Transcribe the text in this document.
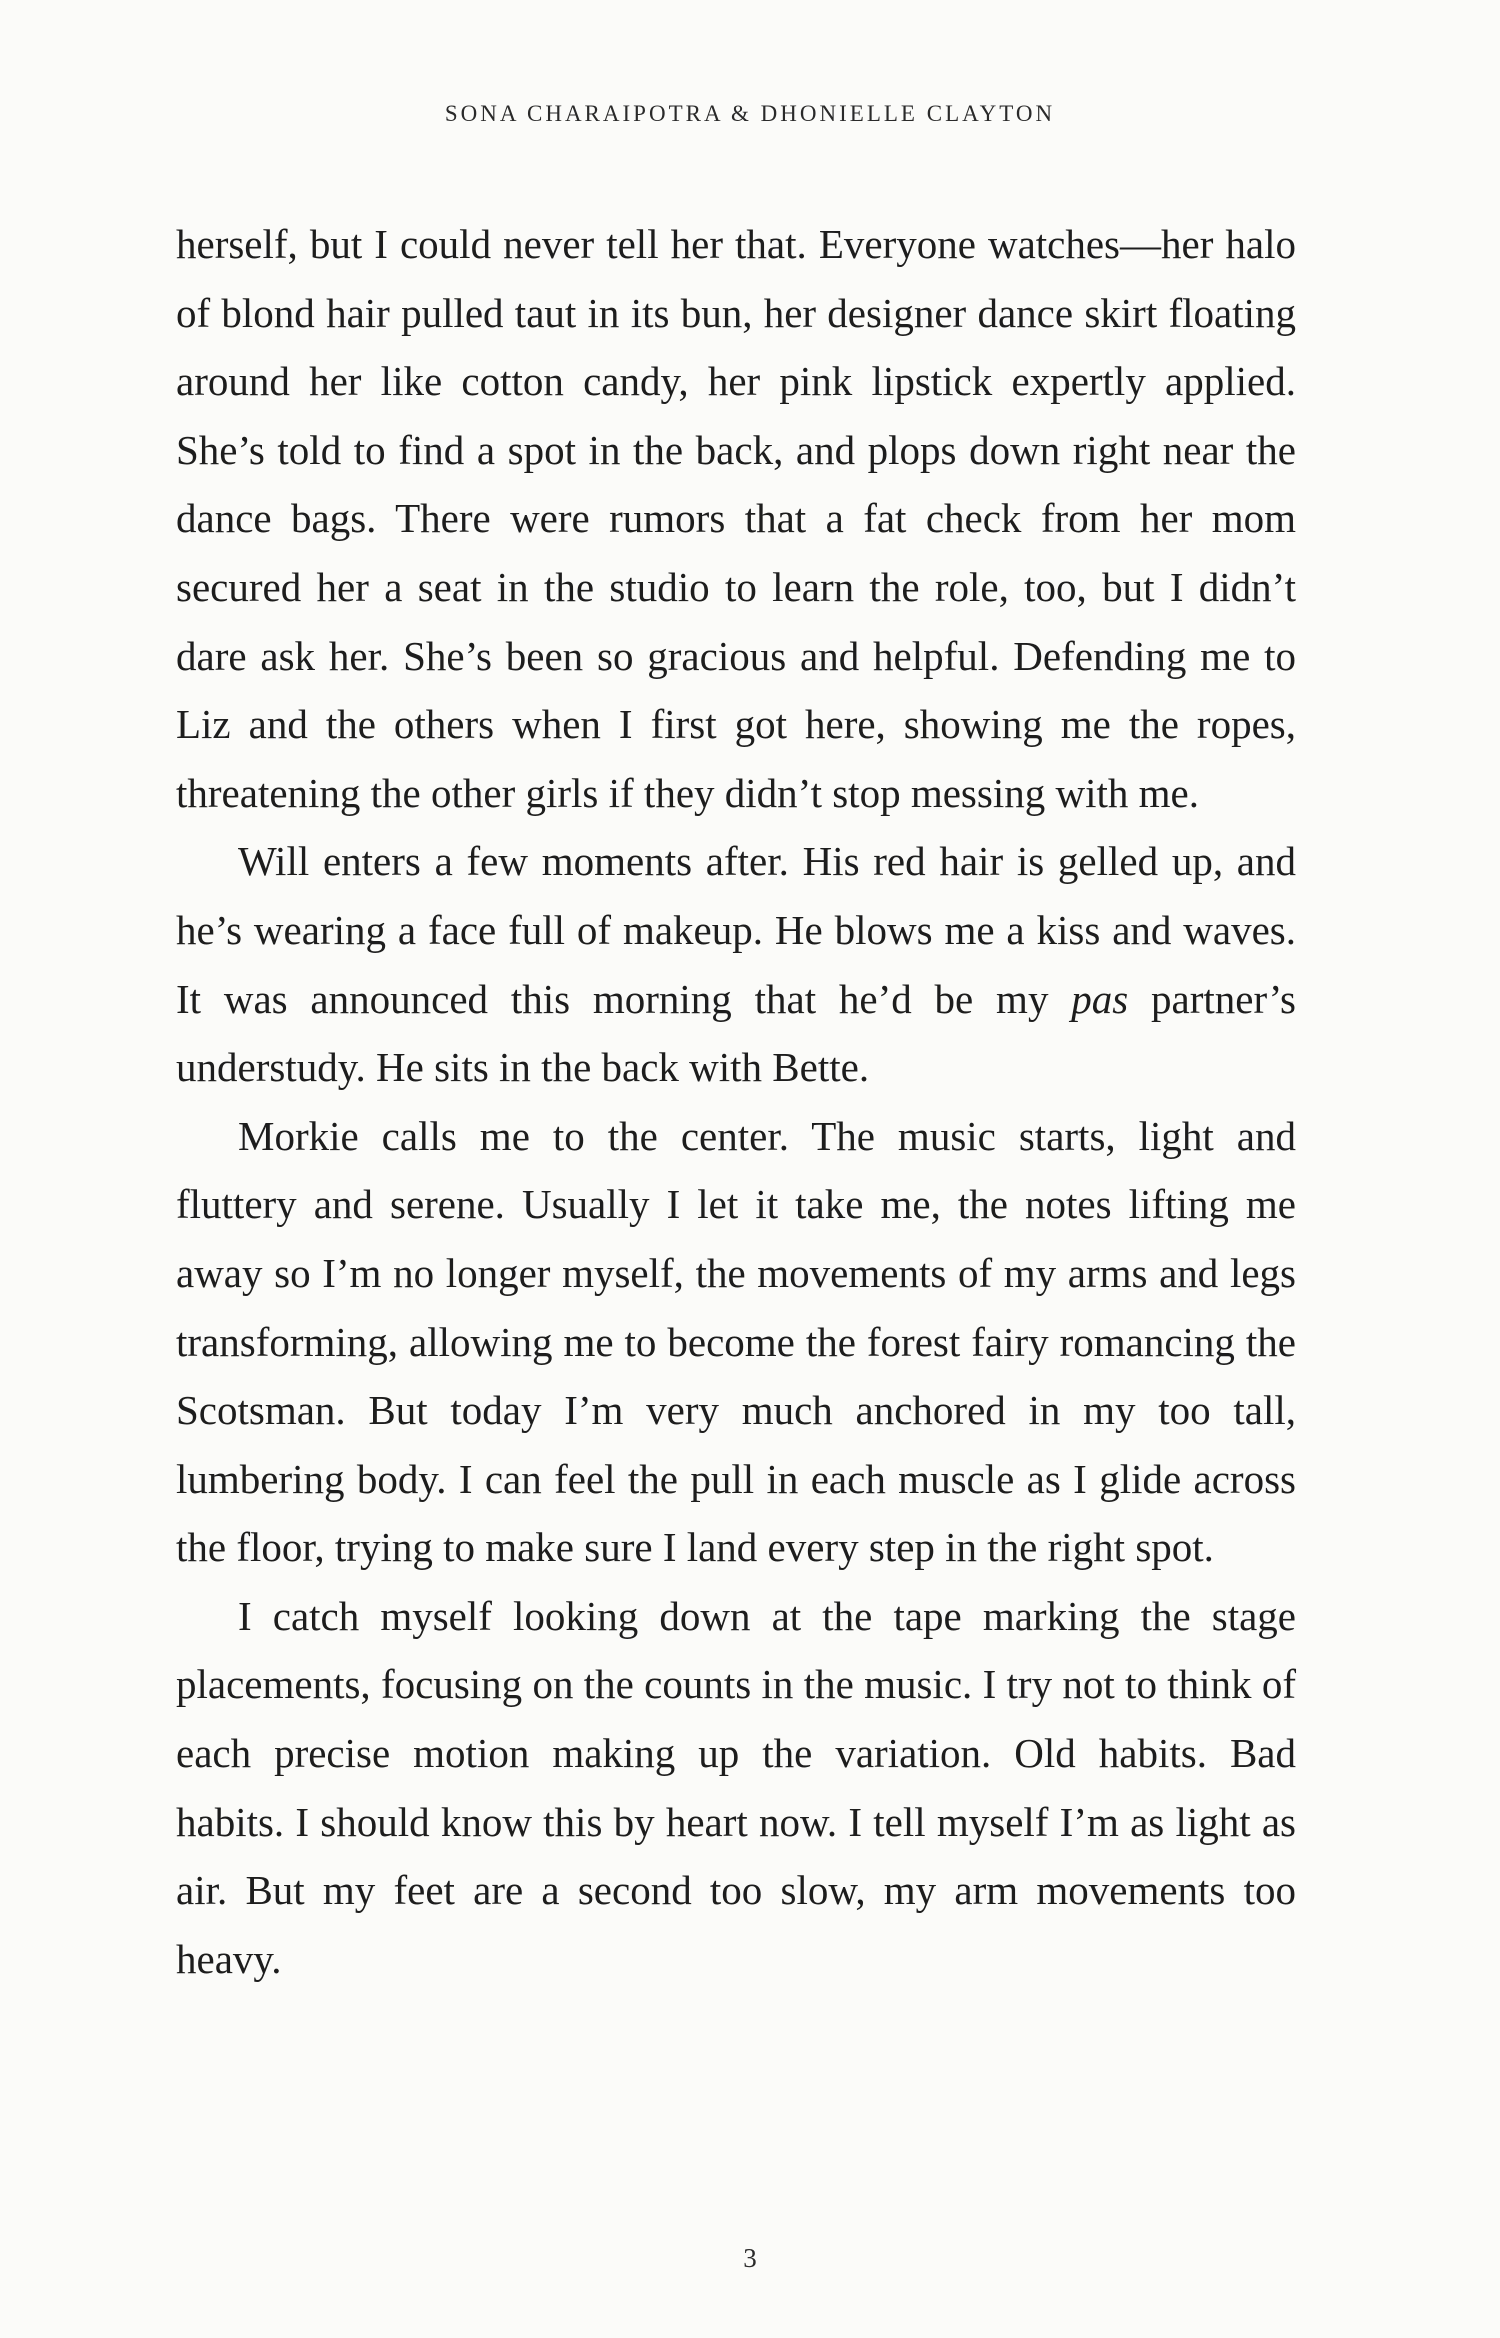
SONA CHARAIPOTRA & DHONIELLE CLAYTON

herself, but I could never tell her that. Everyone watches—her halo of blond hair pulled taut in its bun, her designer dance skirt floating around her like cotton candy, her pink lipstick expertly applied. She’s told to find a spot in the back, and plops down right near the dance bags. There were rumors that a fat check from her mom secured her a seat in the studio to learn the role, too, but I didn’t dare ask her. She’s been so gracious and helpful. Defending me to Liz and the others when I first got here, showing me the ropes, threatening the other girls if they didn’t stop messing with me.

Will enters a few moments after. His red hair is gelled up, and he’s wearing a face full of makeup. He blows me a kiss and waves. It was announced this morning that he’d be my pas partner’s understudy. He sits in the back with Bette.

Morkie calls me to the center. The music starts, light and fluttery and serene. Usually I let it take me, the notes lifting me away so I’m no longer myself, the movements of my arms and legs transforming, allowing me to become the forest fairy romancing the Scotsman. But today I’m very much anchored in my too tall, lumbering body. I can feel the pull in each muscle as I glide across the floor, trying to make sure I land every step in the right spot.

I catch myself looking down at the tape marking the stage placements, focusing on the counts in the music. I try not to think of each precise motion making up the variation. Old habits. Bad habits. I should know this by heart now. I tell myself I’m as light as air. But my feet are a second too slow, my arm movements too heavy.

3
